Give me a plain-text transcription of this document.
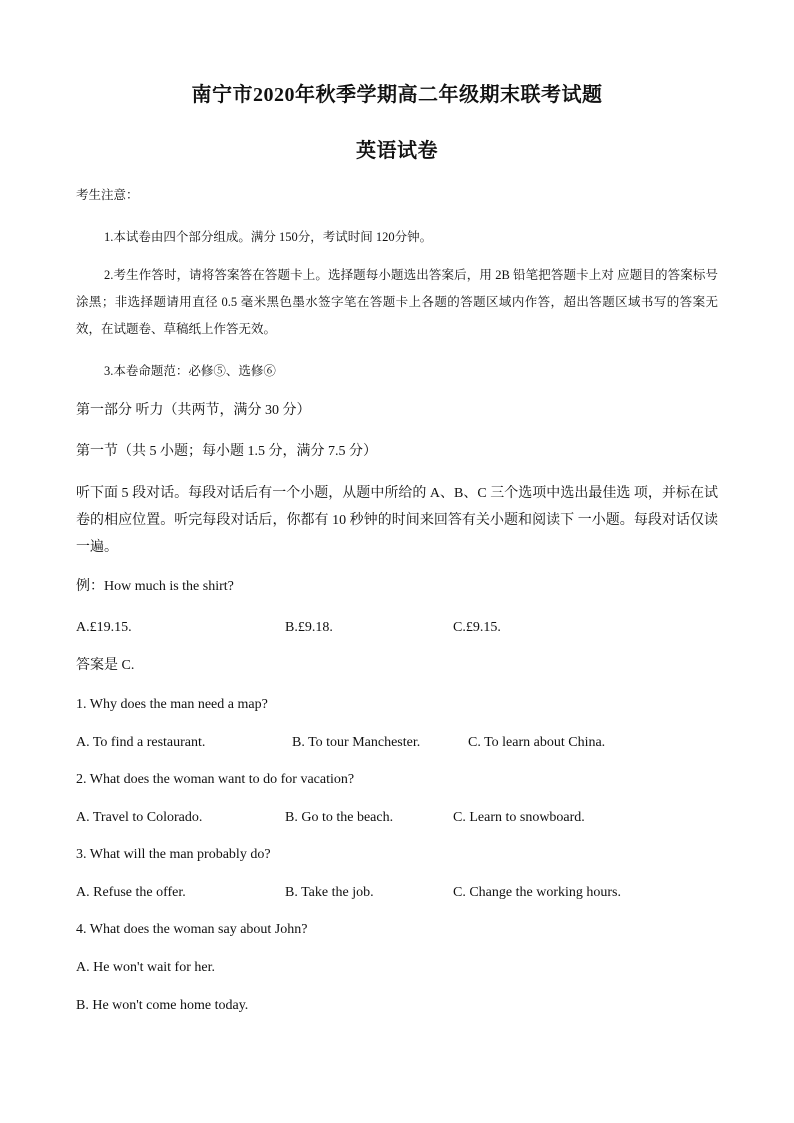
南宁市2020年秋季学期高二年级期末联考试题
英语试卷
考生注意：
1.本试卷由四个部分组成。满分 150分，考试时间 120分钟。
2.考生作答时，请将答案答在答题卡上。选择题每小题选出答案后，用 2B 铅笔把答题卡上对 应题目的答案标号涂黑；非选择题请用直径 0.5 毫米黑色墨水签字笔在答题卡上各题的答题区域内作答，超出答题区域书写的答案无效，在试题卷、草稿纸上作答无效。
3.本卷命题范：必修⑤、选修⑥
第一部分 听力（共两节，满分 30 分）
第一节（共 5 小题；每小题 1.5 分，满分 7.5 分）
听下面 5 段对话。每段对话后有一个小题，从题中所给的 A、B、C 三个选项中选出最佳选 项，并标在试卷的相应位置。听完每段对话后，你都有 10 秒钟的时间来回答有关小题和阅读下 一小题。每段对话仅读一遍。
例：How much is the shirt?
A.£19.15.	B.£9.18.	C.£9.15.
答案是 C.
1. Why does the man need a map?
A. To find a restaurant.	B. To tour Manchester.	C. To learn about China.
2. What does the woman want to do for vacation?
A. Travel to Colorado.	B. Go to the beach.	C. Learn to snowboard.
3. What will the man probably do?
A. Refuse the offer.	B. Take the job.	C. Change the working hours.
4. What does the woman say about John?
A. He won't wait for her.
B. He won't come home today.
